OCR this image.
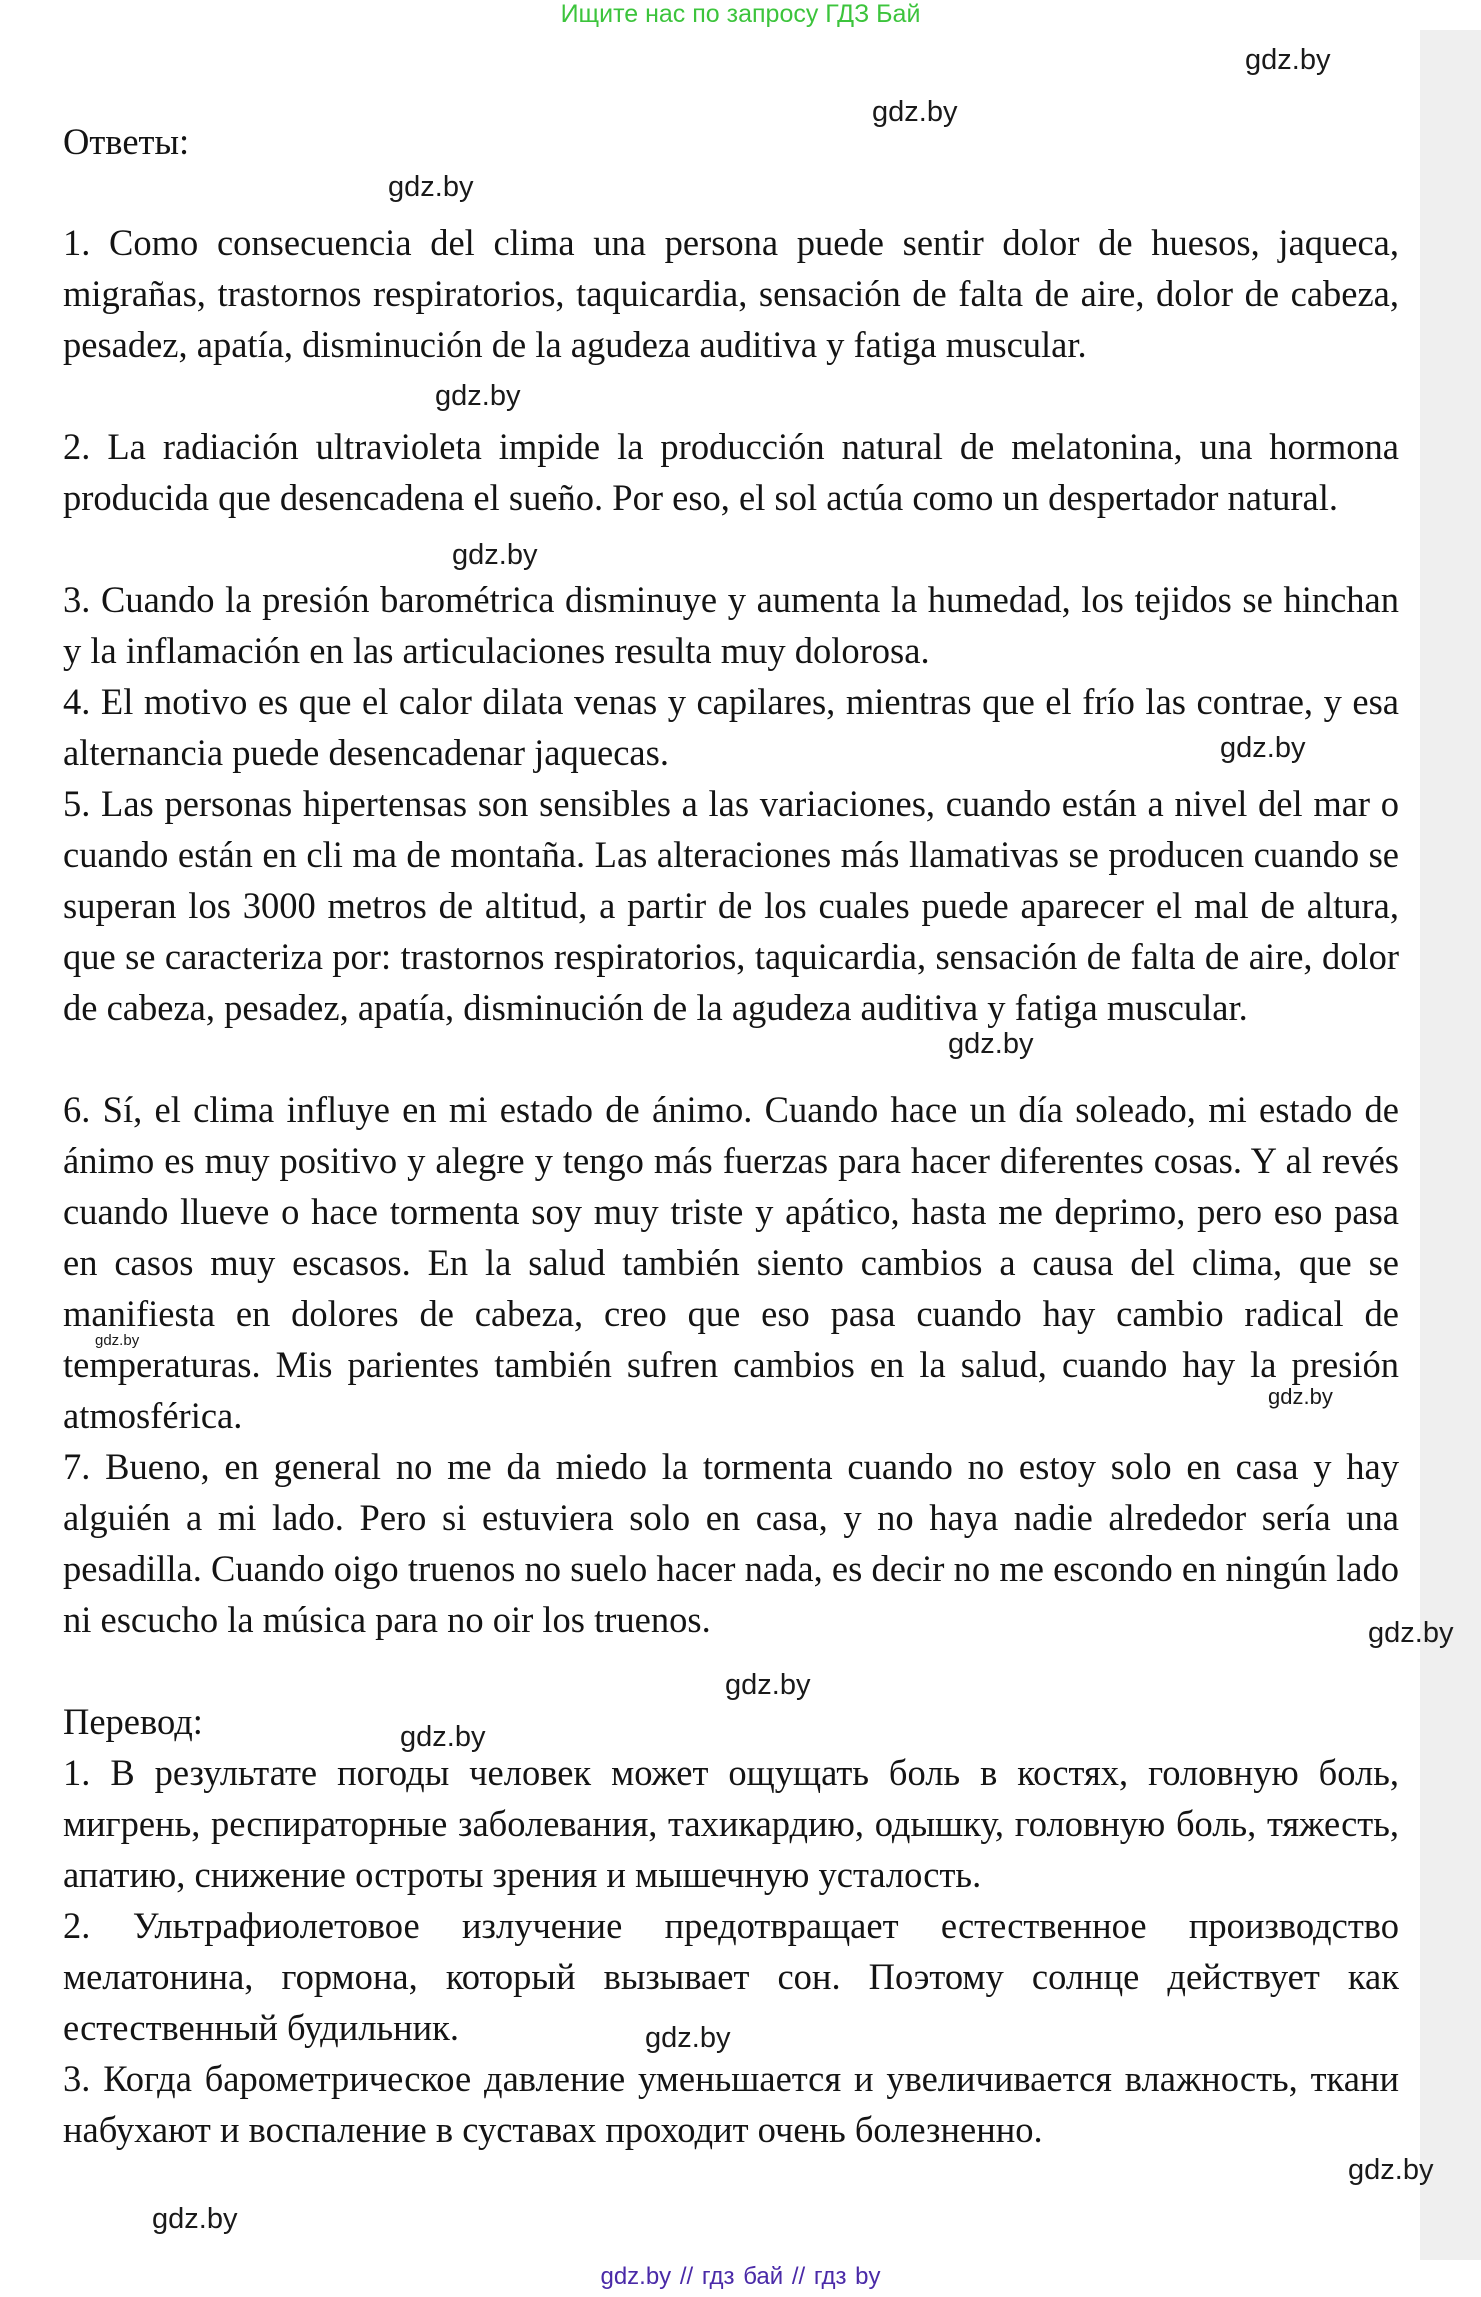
Ищите нас по запросу ГДЗ Бай

Ответы:

1. Como consecuencia del clima una persona puede sentir dolor de huesos, jaqueca, migrañas, trastornos respiratorios, taquicardia, sensación de falta de aire, dolor de cabeza, pesadez, apatía, disminución de la agudeza auditiva y fatiga muscular.

2. La radiación ultravioleta impide la producción natural de melatonina, una hormona producida que desencadena el sueño. Por eso, el sol actúa como un despertador natural.

3. Cuando la presión barométrica disminuye y aumenta la humedad, los tejidos se hinchan y la inflamación en las articulaciones resulta muy dolorosa.

4. El motivo es que el calor dilata venas y capilares, mientras que el frío las contrae, y esa alternancia puede desencadenar jaquecas.

5. Las personas hipertensas son sensibles a las variaciones, cuando están a nivel del mar o cuando están en cli ma de montaña. Las alteraciones más llamativas se producen cuando se superan los 3000 metros de altitud, a partir de los cuales puede aparecer el mal de altura, que se caracteriza por: trastornos respiratorios, taquicardia, sensación de falta de aire, dolor de cabeza, pesadez, apatía, disminución de la agudeza auditiva y fatiga muscular.

6. Sí, el clima influye en mi estado de ánimo. Cuando hace un día soleado, mi estado de ánimo es muy positivo y alegre y tengo más fuerzas para hacer diferentes cosas. Y al revés cuando llueve o hace tormenta soy muy triste y apático, hasta me deprimo, pero eso pasa en casos muy escasos. En la salud también siento cambios a causa del clima, que se manifiesta en dolores de cabeza, creo que eso pasa cuando hay cambio radical de temperaturas. Mis parientes también sufren cambios en la salud, cuando hay la presión atmosférica.

7. Bueno, en general no me da miedo la tormenta cuando no estoy solo en casa y hay alguién a mi lado. Pero si estuviera solo en casa, y no haya nadie alrededor sería una pesadilla. Cuando oigo truenos no suelo hacer nada, es decir no me escondo en ningún lado ni escucho la música para no oir los truenos.

Перевод:

1. В результате погоды человек может ощущать боль в костях, головную боль, мигрень, респираторные заболевания, тахикардию, одышку, головную боль, тяжесть, апатию, снижение остроты зрения и мышечную усталость.

2. Ультрафиолетовое излучение предотвращает естественное производство мелатонина, гормона, который вызывает сон. Поэтому солнце действует как естественный будильник.

3. Когда барометрическое давление уменьшается и увеличивается влажность, ткани набухают и воспаление в суставах проходит очень болезненно.

gdz.by
gdz.by
gdz.by
gdz.by
gdz.by
gdz.by
gdz.by
gdz.by
gdz.by
gdz.by
gdz.by
gdz.by
gdz.by
gdz.by
gdz.by
gdz.by // гдз бай // гдз by
